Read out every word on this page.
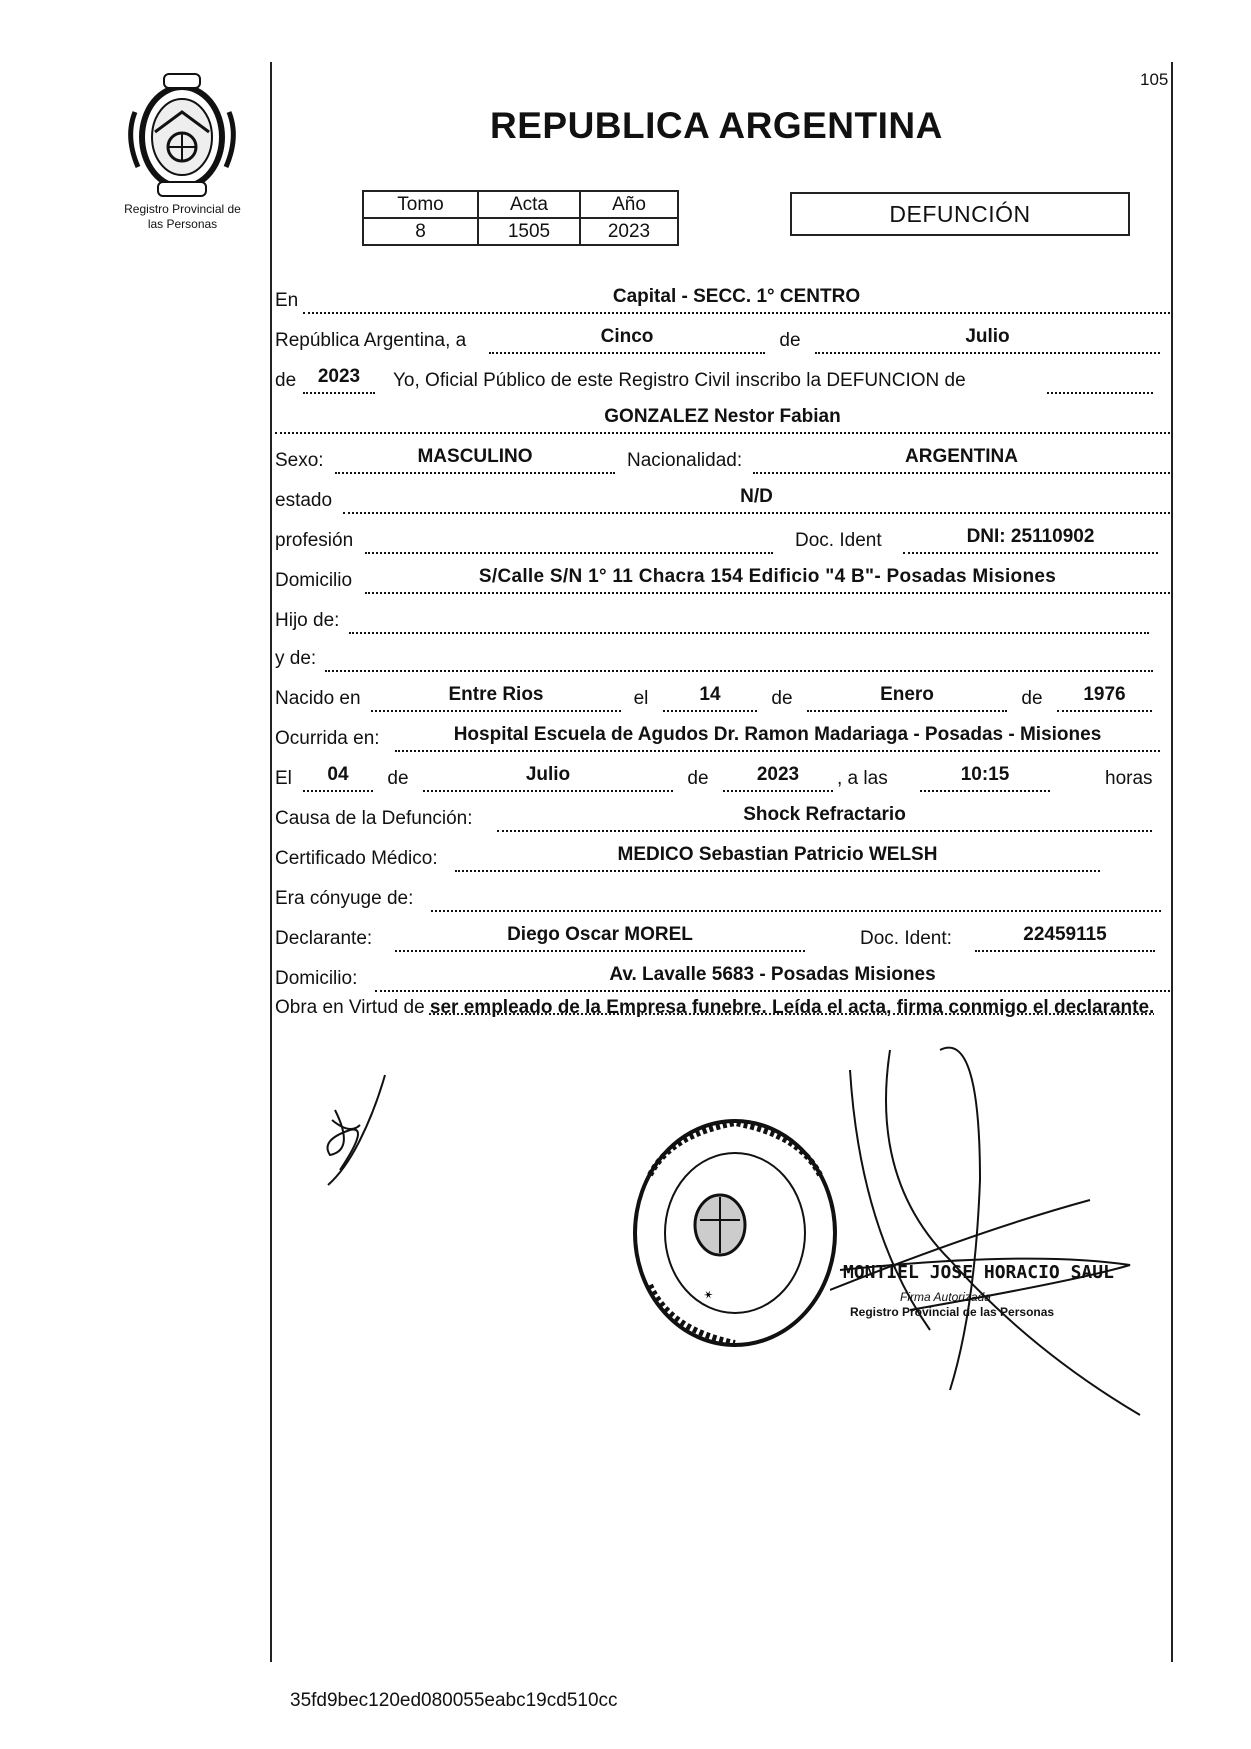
105
Registro Provincial de
las Personas
REPUBLICA ARGENTINA
Tomo	Acta	Año
8	1505	2023
DEFUNCIÓN
En	Capital - SECC. 1° CENTRO
República Argentina, a	Cinco	de	Julio
de	2023	Yo, Oficial Público de este Registro Civil inscribo la DEFUNCION de
GONZALEZ Nestor Fabian
Sexo:	MASCULINO	Nacionalidad:	ARGENTINA
estado	N/D
profesión	Doc. Ident	DNI: 25110902
Domicilio	S/Calle S/N 1° 11 Chacra 154 Edificio "4 B"- Posadas Misiones
Hijo de:
y de:
Nacido en	Entre Rios	el	14	de	Enero	de	1976
Ocurrida en:	Hospital Escuela de Agudos Dr. Ramon Madariaga - Posadas - Misiones
El	04	de	Julio	de	2023	, a las	10:15	horas
Causa de la Defunción:	Shock Refractario
Certificado Médico:	MEDICO Sebastian Patricio WELSH
Era cónyuge de:
Declarante:	Diego Oscar MOREL	Doc. Ident:	22459115
Domicilio:	Av. Lavalle 5683 - Posadas Misiones
Obra en Virtud de ser empleado de la Empresa funebre. Leída el acta, firma conmigo el declarante.
✶
MONTIEL JOSE HORACIO SAUL
Firma Autorizada
Registro Provincial de las Personas
35fd9bec120ed080055eabc19cd510cc
